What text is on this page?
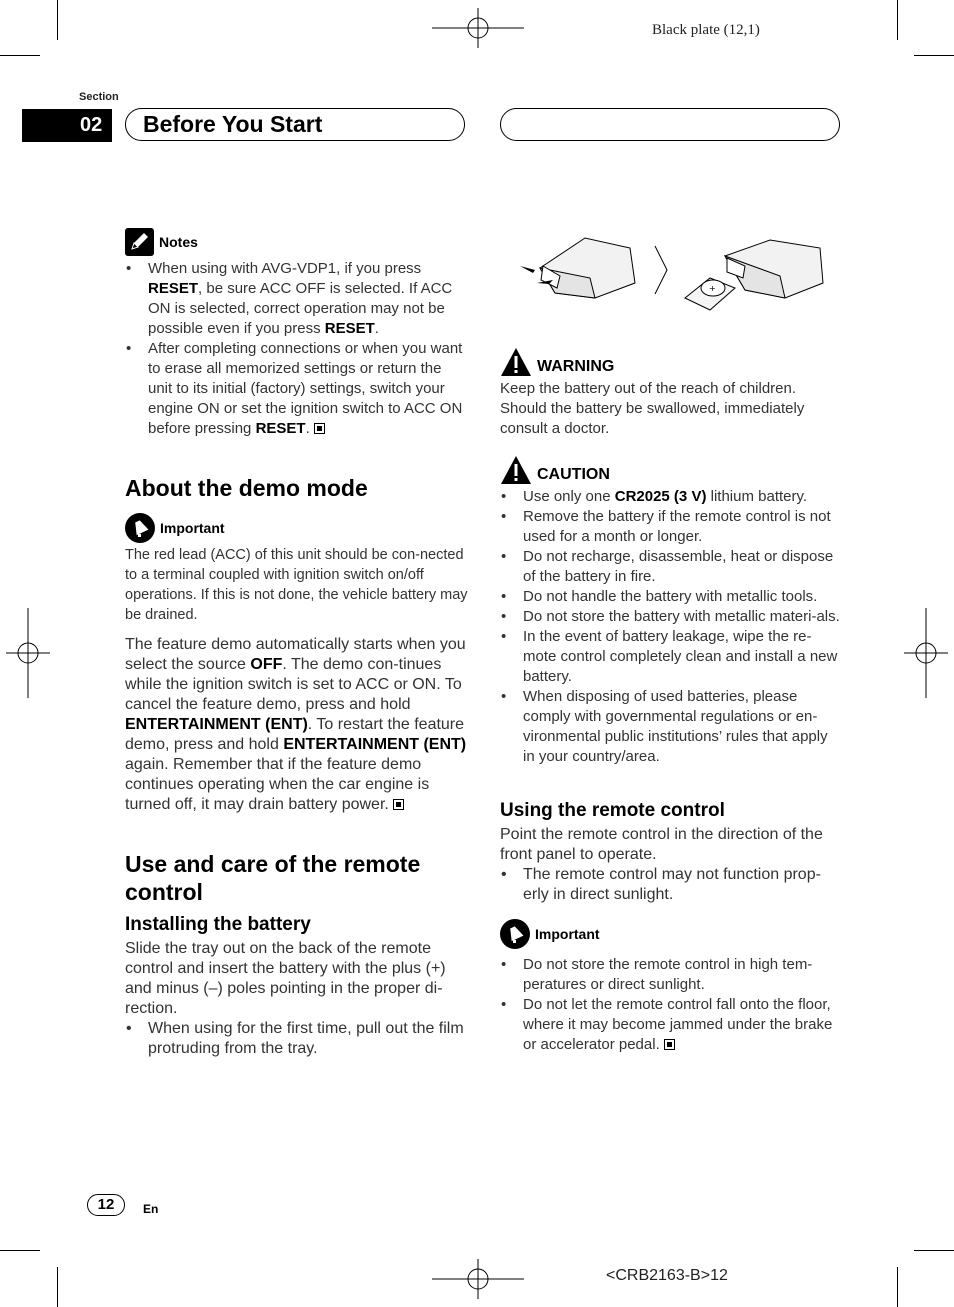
Black plate (12,1)
Section
02	Before You Start
Notes
• When using with AVG-VDP1, if you press RESET, be sure ACC OFF is selected. If ACC ON is selected, correct operation may not be possible even if you press RESET.
• After completing connections or when you want to erase all memorized settings or return the unit to its initial (factory) settings, switch your engine ON or set the ignition switch to ACC ON before pressing RESET.
About the demo mode
Important

The red lead (ACC) of this unit should be con-nected to a terminal coupled with ignition switch on/off operations. If this is not done, the vehicle battery may be drained.

The feature demo automatically starts when you select the source OFF. The demo con-tinues while the ignition switch is set to ACC or ON. To cancel the feature demo, press and hold ENTERTAINMENT (ENT). To restart the feature demo, press and hold ENTERTAINMENT (ENT) again. Remember that if the feature demo continues operating when the car engine is turned off, it may drain battery power.

Use and care of the remote control
Installing the battery

Slide the tray out on the back of the remote control and insert the battery with the plus (+) and minus (–) poles pointing in the proper di-rection.

• When using for the first time, pull out the film protruding from the tray.
+
WARNING

Keep the battery out of the reach of children. Should the battery be swallowed, immediately consult a doctor.

CAUTION
• Use only one CR2025 (3 V) lithium battery.
• Remove the battery if the remote control is not used for a month or longer.
• Do not recharge, disassemble, heat or dispose of the battery in fire.
• Do not handle the battery with metallic tools.
• Do not store the battery with metallic materi-als.
• In the event of battery leakage, wipe the re-mote control completely clean and install a new battery.
• When disposing of used batteries, please comply with governmental regulations or en-vironmental public institutions’ rules that apply in your country/area.
Using the remote control

Point the remote control in the direction of the front panel to operate.

• The remote control may not function prop-erly in direct sunlight.
Important
• Do not store the remote control in high tem-peratures or direct sunlight.
• Do not let the remote control fall onto the floor, where it may become jammed under the brake or accelerator pedal.
12	En
<CRB2163-B>12
